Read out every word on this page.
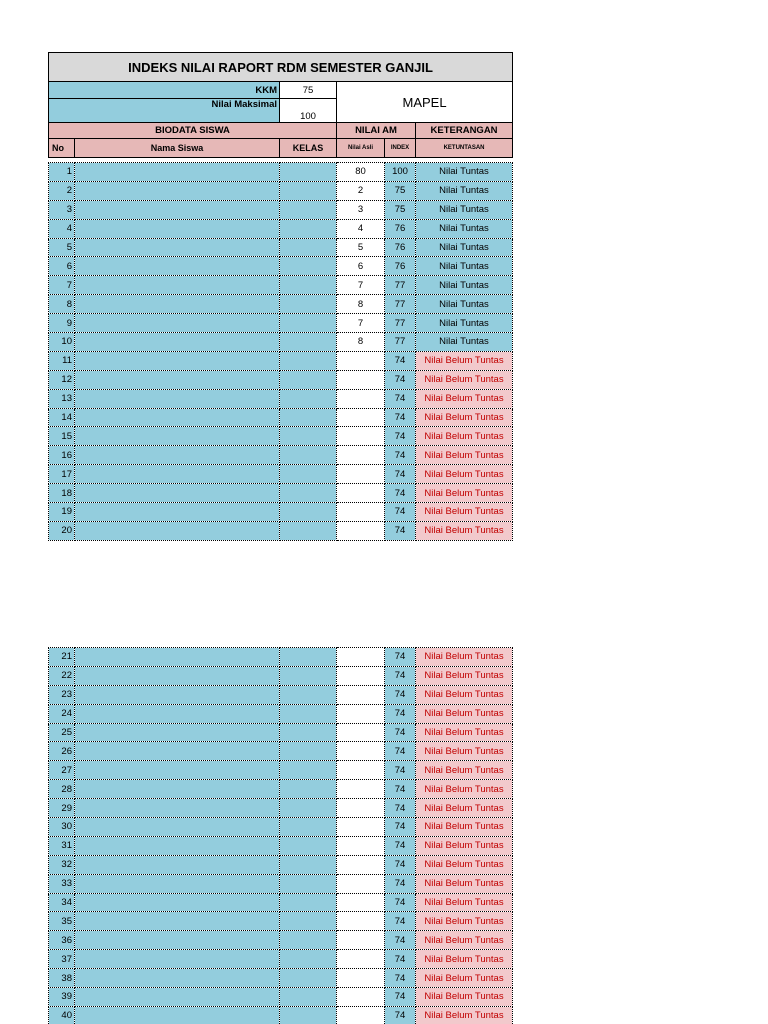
INDEKS NILAI RAPORT RDM SEMESTER GANJIL					
KKM		75	MAPEL		
Nilai Maksimal		100			
BIODATA SISWA			NILAI AM		KETERANGAN
No	Nama Siswa	KELAS	Nilai Asli	INDEX	KETUNTASAN
1			80	100	Nilai Tuntas
2			2	75	Nilai Tuntas
3			3	75	Nilai Tuntas
4			4	76	Nilai Tuntas
5			5	76	Nilai Tuntas
6			6	76	Nilai Tuntas
7			7	77	Nilai Tuntas
8			8	77	Nilai Tuntas
9			7	77	Nilai Tuntas
10			8	77	Nilai Tuntas
11				74	Nilai Belum Tuntas
12				74	Nilai Belum Tuntas
13				74	Nilai Belum Tuntas
14				74	Nilai Belum Tuntas
15				74	Nilai Belum Tuntas
16				74	Nilai Belum Tuntas
17				74	Nilai Belum Tuntas
18				74	Nilai Belum Tuntas
19				74	Nilai Belum Tuntas
20				74	Nilai Belum Tuntas
21				74	Nilai Belum Tuntas
22				74	Nilai Belum Tuntas
23				74	Nilai Belum Tuntas
24				74	Nilai Belum Tuntas
25				74	Nilai Belum Tuntas
26				74	Nilai Belum Tuntas
27				74	Nilai Belum Tuntas
28				74	Nilai Belum Tuntas
29				74	Nilai Belum Tuntas
30				74	Nilai Belum Tuntas
31				74	Nilai Belum Tuntas
32				74	Nilai Belum Tuntas
33				74	Nilai Belum Tuntas
34				74	Nilai Belum Tuntas
35				74	Nilai Belum Tuntas
36				74	Nilai Belum Tuntas
37				74	Nilai Belum Tuntas
38				74	Nilai Belum Tuntas
39				74	Nilai Belum Tuntas
40				74	Nilai Belum Tuntas
